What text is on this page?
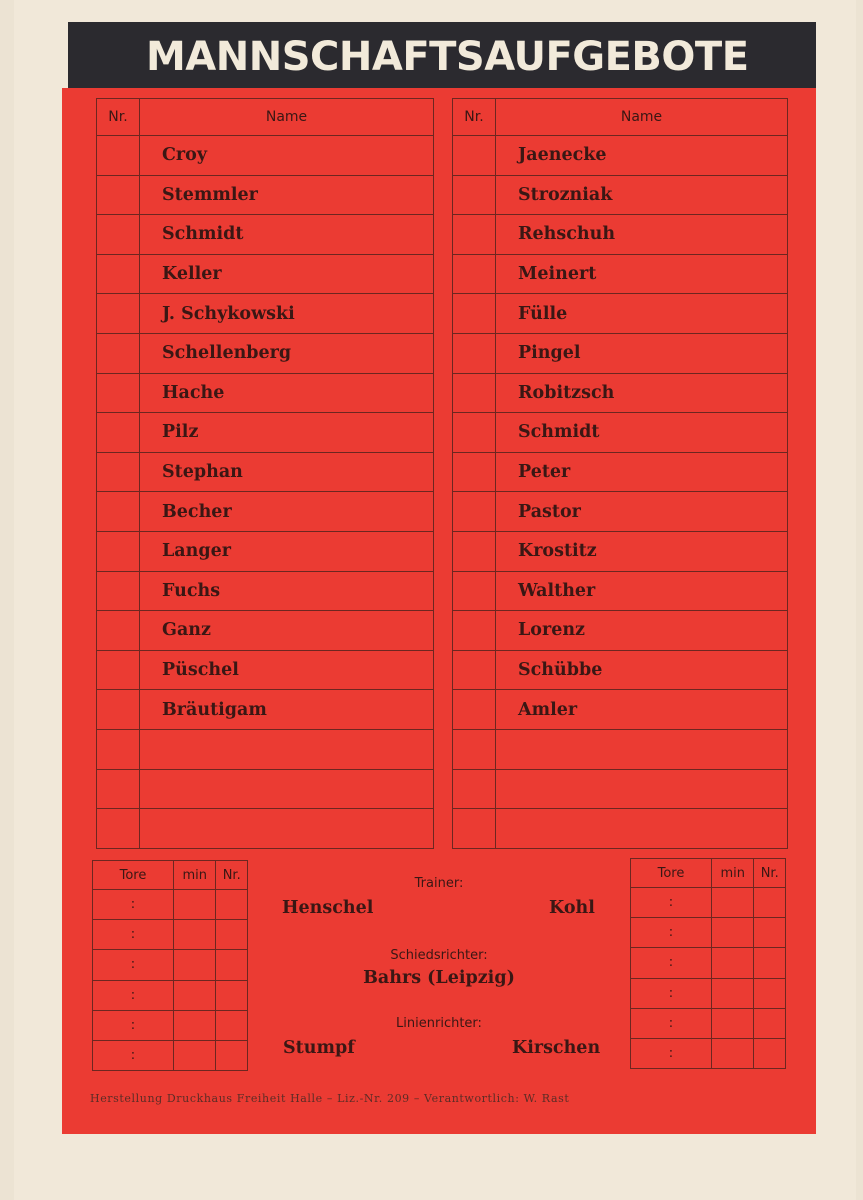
MANNSCHAFTSAUFGEBOTE
Nr.	Name
	Croy
	Stemmler
	Schmidt
	Keller
	J. Schykowski
	Schellenberg
	Hache
	Pilz
	Stephan
	Becher
	Langer
	Fuchs
	Ganz
	Püschel
	Bräutigam

Nr.	Name
	Jaenecke
	Strozniak
	Rehschuh
	Meinert
	Fülle
	Pingel
	Robitzsch
	Schmidt
	Peter
	Pastor
	Krostitz
	Walther
	Lorenz
	Schübbe
	Amler

Tore	min	Nr.
:		
:		
:		
:		
:		
:		
Tore	min	Nr.
:		
:		
:		
:		
:		
:		
Trainer:
Henschel	Kohl
Schiedsrichter:
Bahrs (Leipzig)
Linienrichter:
Stumpf	Kirschen
Herstellung Druckhaus Freiheit Halle – Liz.-Nr. 209 – Verantwortlich: W. Rast
